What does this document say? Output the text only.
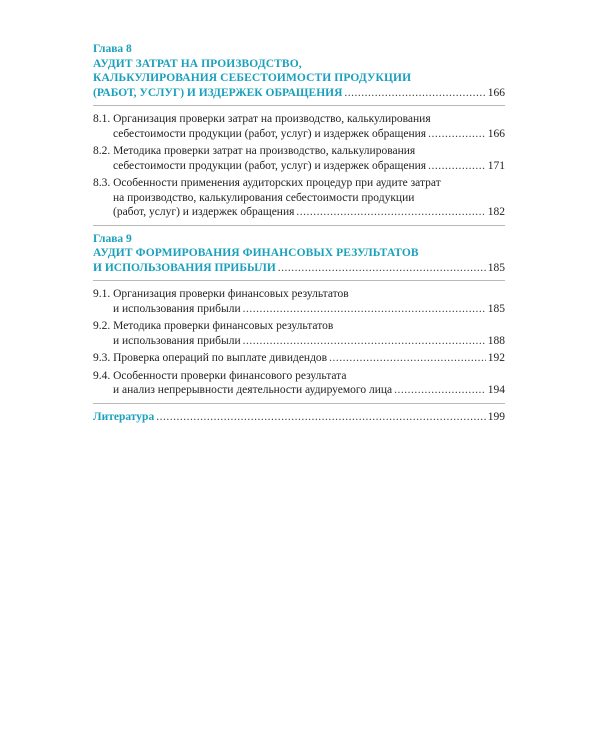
Глава 8
АУДИТ ЗАТРАТ НА ПРОИЗВОДСТВО,
КАЛЬКУЛИРОВАНИЯ СЕБЕСТОИМОСТИ ПРОДУКЦИИ
(РАБОТ, УСЛУГ) И ИЗДЕРЖЕК ОБРАЩЕНИЯ .....	166
8.1. Организация проверки затрат на производство, калькулирования
себестоимости продукции (работ, услуг) и издержек обращения .....	166
8.2. Методика проверки затрат на производство, калькулирования
себестоимости продукции (работ, услуг) и издержек обращения .....	171
8.3. Особенности применения аудиторских процедур при аудите затрат
на производство, калькулирования себестоимости продукции
(работ, услуг) и издержек обращения .....	182
Глава 9
АУДИТ ФОРМИРОВАНИЯ ФИНАНСОВЫХ РЕЗУЛЬТАТОВ
И ИСПОЛЬЗОВАНИЯ ПРИБЫЛИ .....	185
9.1. Организация проверки финансовых результатов
и использования прибыли .....	185
9.2. Методика проверки финансовых результатов
и использования прибыли .....	188
9.3. Проверка операций по выплате дивидендов .....	192
9.4. Особенности проверки финансового результата
и анализ непрерывности деятельности аудируемого лица .....	194
Литература .....	199
